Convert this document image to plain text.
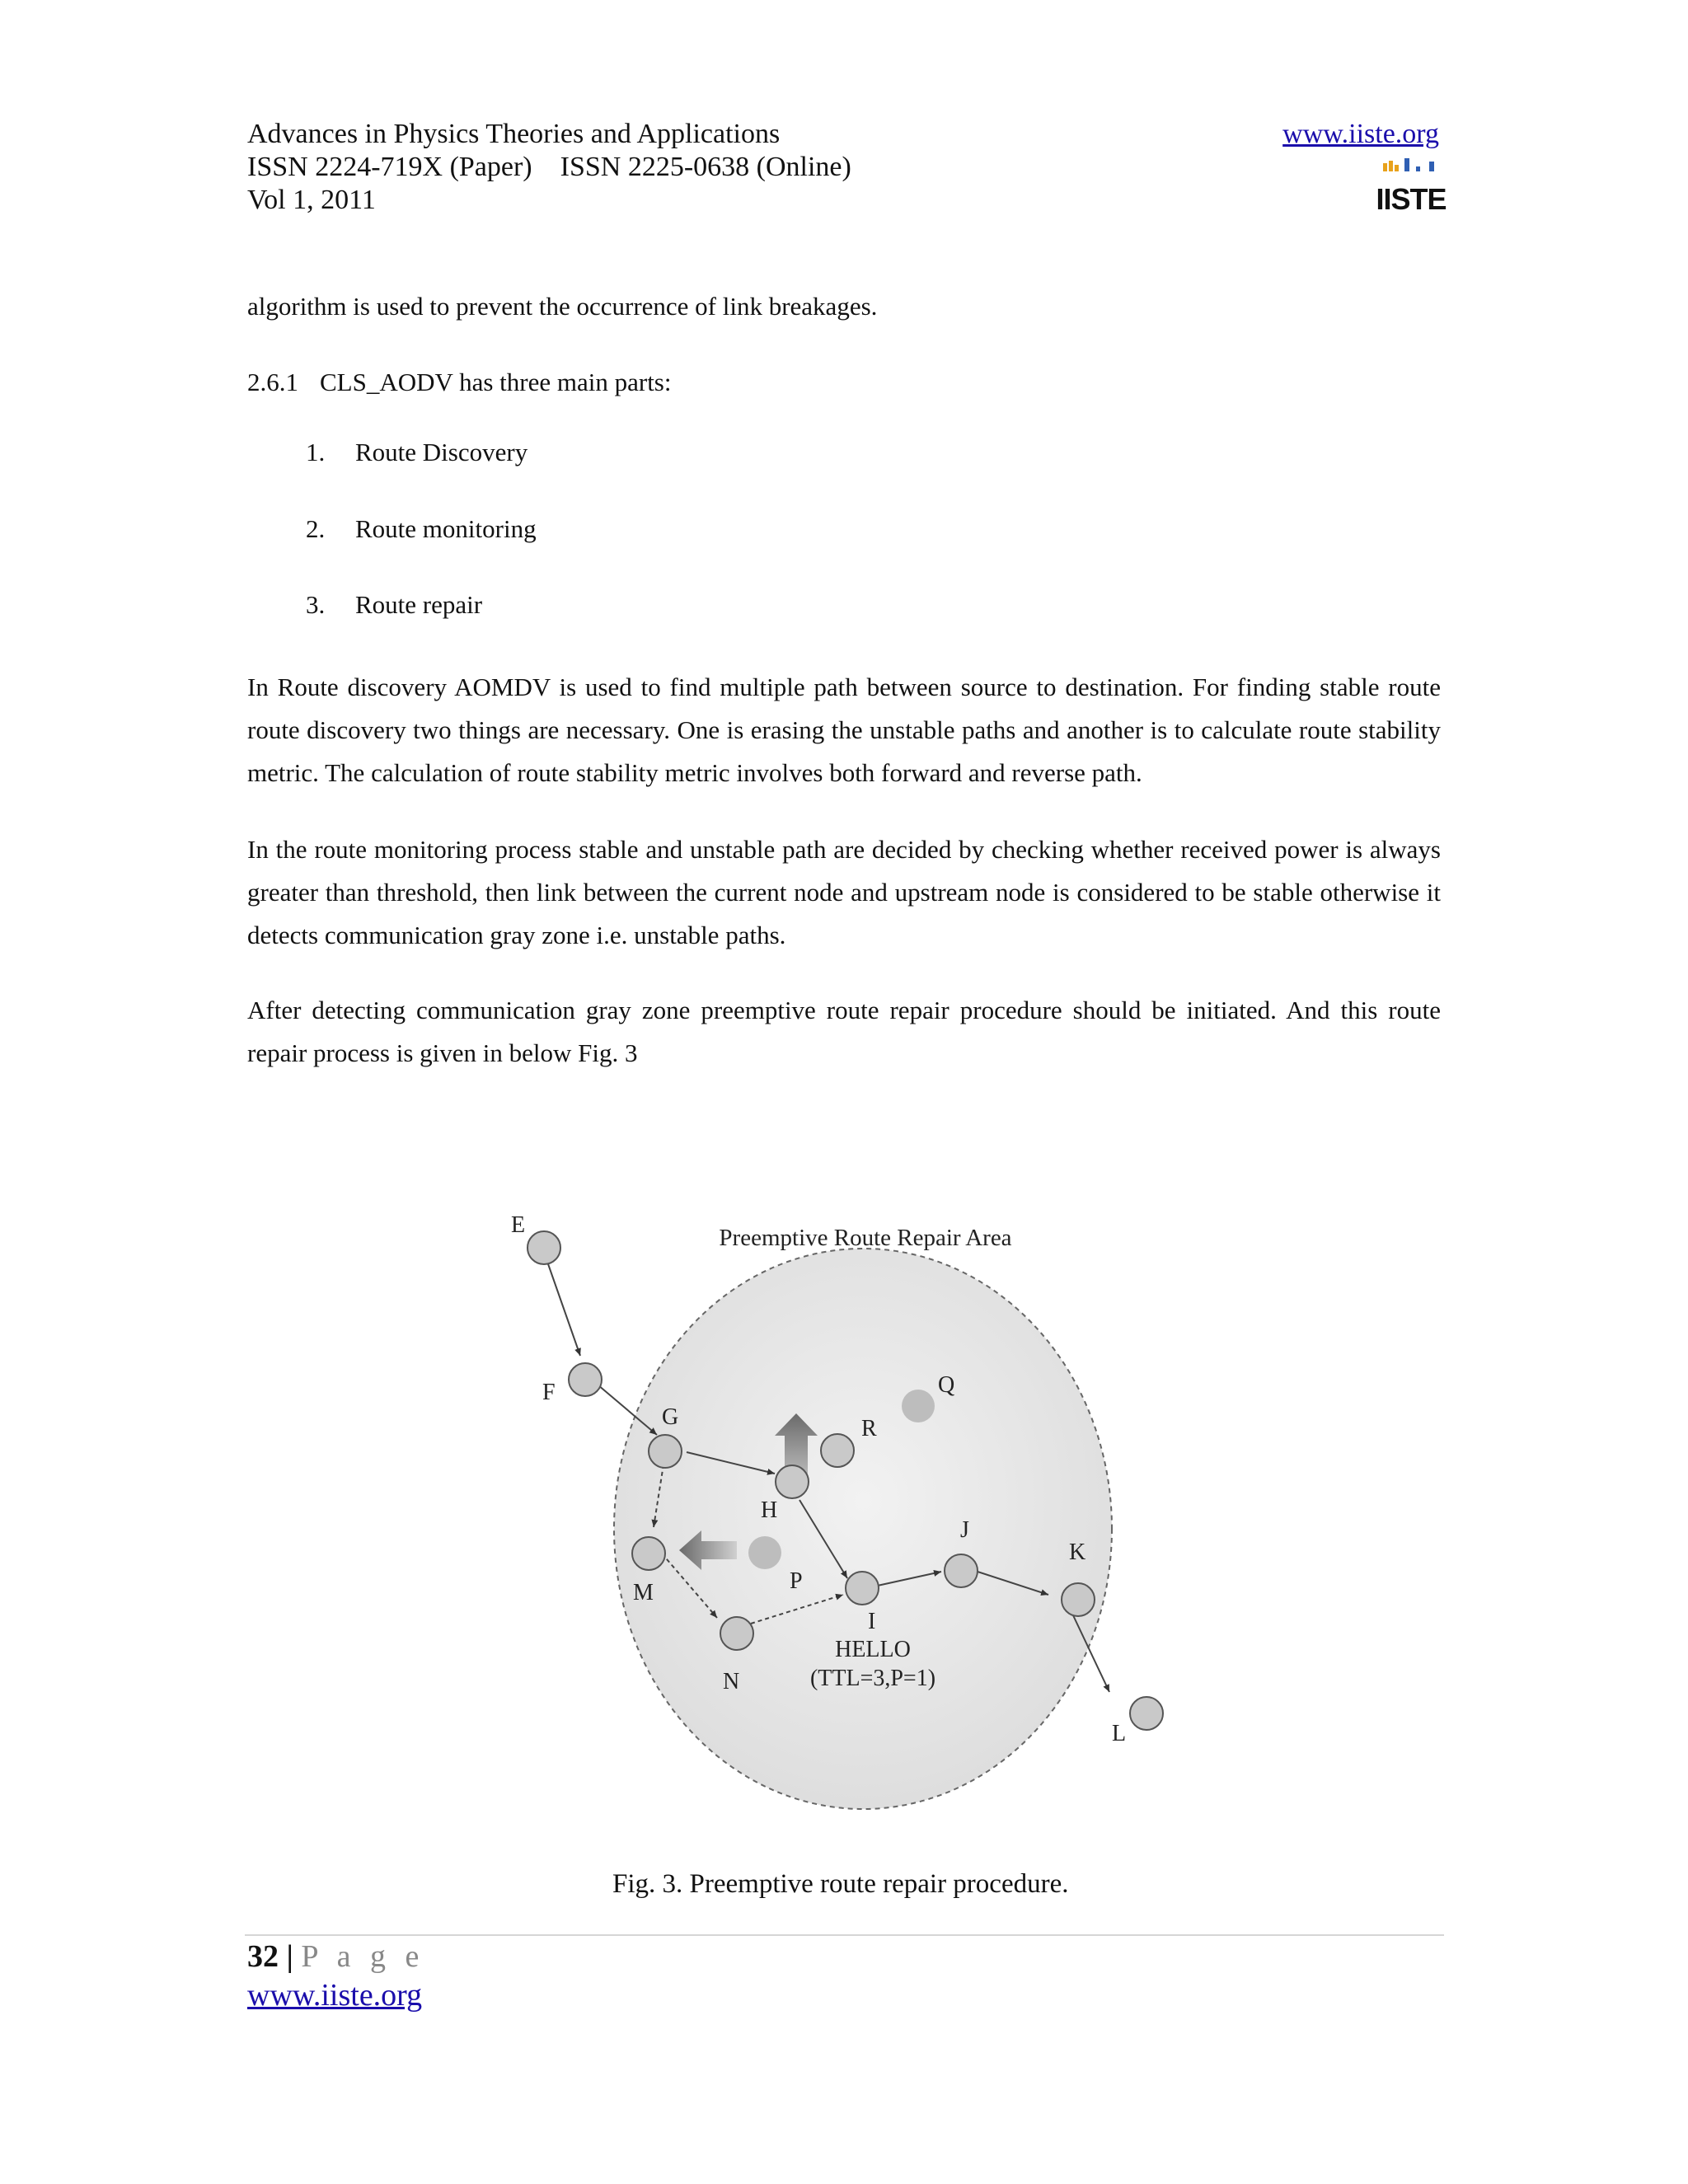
Advances in Physics Theories and Applications
ISSN 2224-719X (Paper)    ISSN 2225-0638 (Online)
Vol 1, 2011
www.iiste.org
IISTE
algorithm is used to prevent the occurrence of link breakages.
2.6.1 CLS_AODV has three main parts:
1. Route Discovery
2. Route monitoring
3. Route repair
In Route discovery AOMDV is used to find multiple path between source to destination. For finding stable route route discovery two things are necessary. One is erasing the unstable paths and another is to calculate route stability metric. The calculation of route stability metric involves both forward and reverse path.
In the route monitoring process stable and unstable path are decided by checking whether received power is always greater than threshold, then link between the current node and upstream node is considered to be stable otherwise it detects communication gray zone i.e. unstable paths.
After detecting communication gray zone preemptive route repair procedure should be initiated. And this route repair process is given in below Fig. 3
Preemptive Route Repair Area
E
F
G
H
R
Q
M	P
I
N
J
K
L
HELLO
(TTL=3,P=1)
Fig. 3. Preemptive route repair procedure.
32 | P a g e
www.iiste.org
